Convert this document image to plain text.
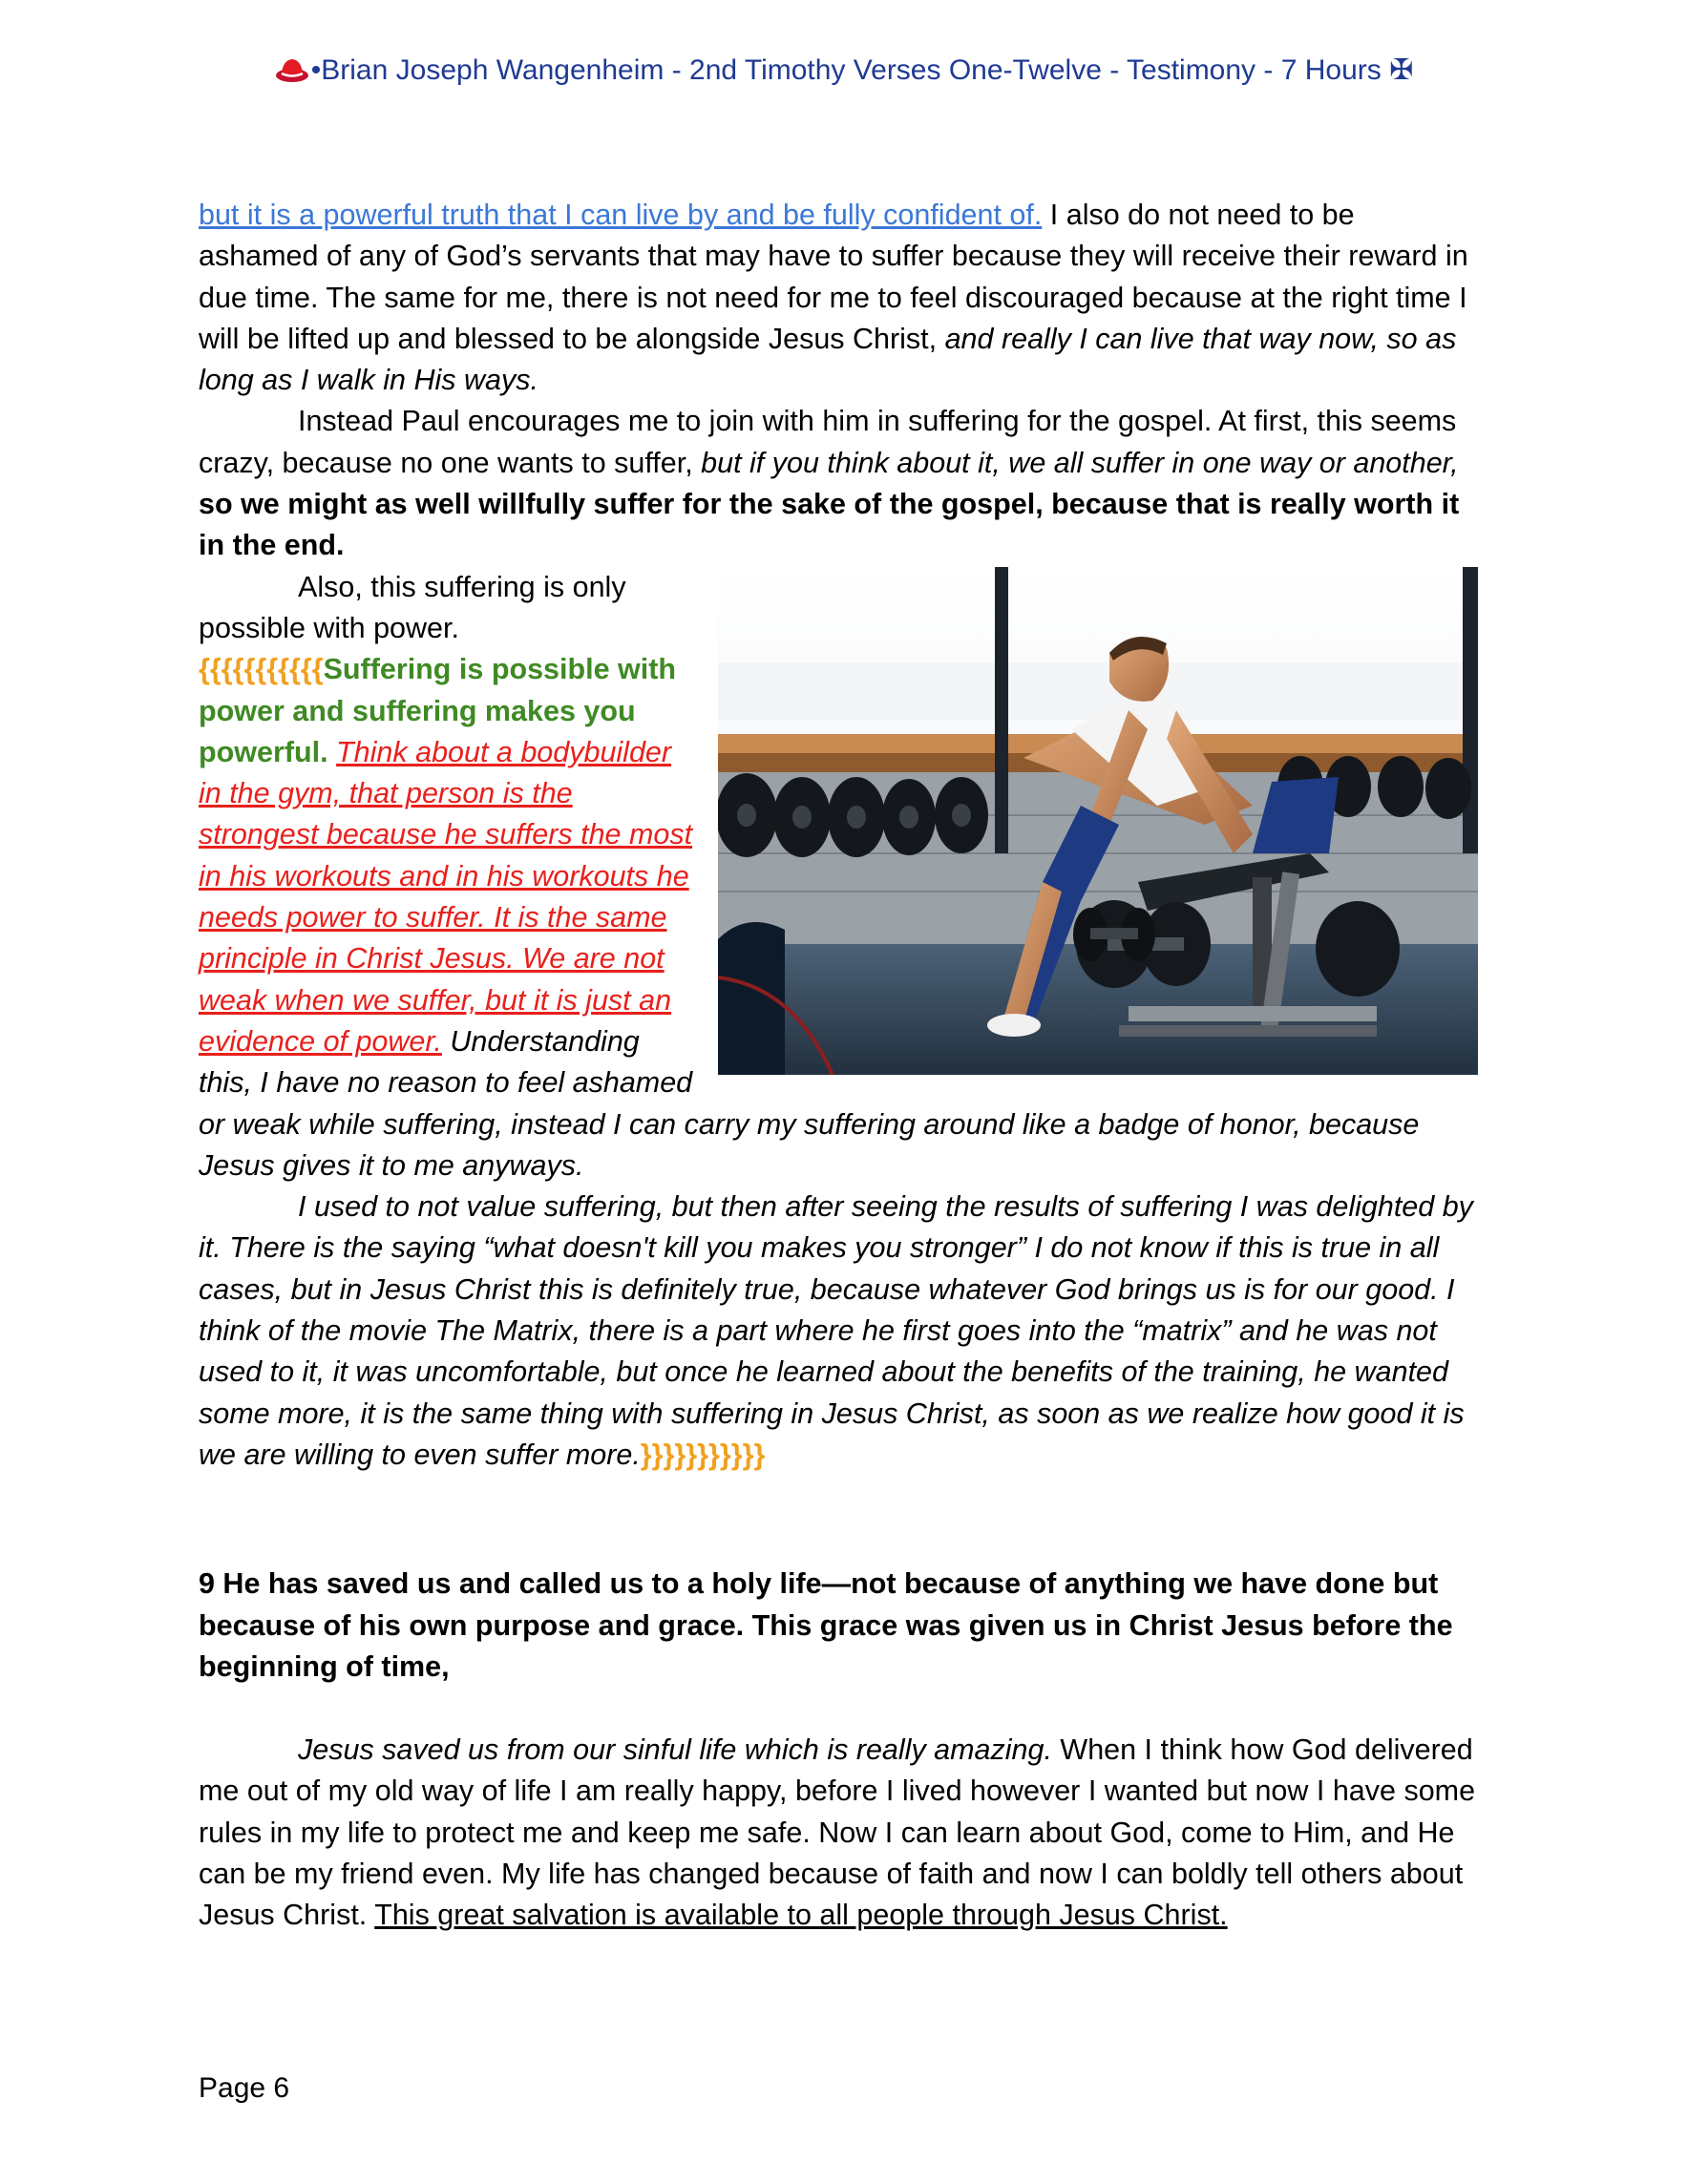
•Brian Joseph Wangenheim - 2nd Timothy Verses One-Twelve - Testimony - 7 Hours ✠

but it is a powerful truth that I can live by and be fully confident of. I also do not need to be ashamed of any of God’s servants that may have to suffer because they will receive their reward in due time. The same for me, there is not need for me to feel discouraged because at the right time I will be lifted up and blessed to be alongside Jesus Christ, and really I can live that way now, so as long as I walk in His ways.

Instead Paul encourages me to join with him in suffering for the gospel. At first, this seems crazy, because no one wants to suffer, but if you think about it, we all suffer in one way or another, so we might as well willfully suffer for the sake of the gospel, because that is really worth it in the end.

Also, this suffering is only possible with power.

{{{{{{{{{{{Suffering is possible with power and suffering makes you powerful. Think about a bodybuilder in the gym, that person is the strongest because he suffers the most in his workouts and in his workouts he needs power to suffer. It is the same principle in Christ Jesus. We are not weak when we suffer, but it is just an evidence of power. Understanding this, I have no reason to feel ashamed or weak while suffering, instead I can carry my suffering around like a badge of honor, because Jesus gives it to me anyways.

I used to not value suffering, but then after seeing the results of suffering I was delighted by it. There is the saying “what doesn't kill you makes you stronger” I do not know if this is true in all cases, but in Jesus Christ this is definitely true, because whatever God brings us is for our good. I think of the movie The Matrix, there is a part where he first goes into the “matrix” and he was not used to it, it was uncomfortable, but once he learned about the benefits of the training, he wanted some more, it is the same thing with suffering in Jesus Christ, as soon as we realize how good it is we are willing to even suffer more.}}}}}}}}}}}

9 He has saved us and called us to a holy life—not because of anything we have done but because of his own purpose and grace. This grace was given us in Christ Jesus before the beginning of time,

Jesus saved us from our sinful life which is really amazing. When I think how God delivered me out of my old way of life I am really happy, before I lived however I wanted but now I have some rules in my life to protect me and keep me safe. Now I can learn about God, come to Him, and He can be my friend even. My life has changed because of faith and now I can boldly tell others about Jesus Christ. This great salvation is available to all people through Jesus Christ.

Page 6
